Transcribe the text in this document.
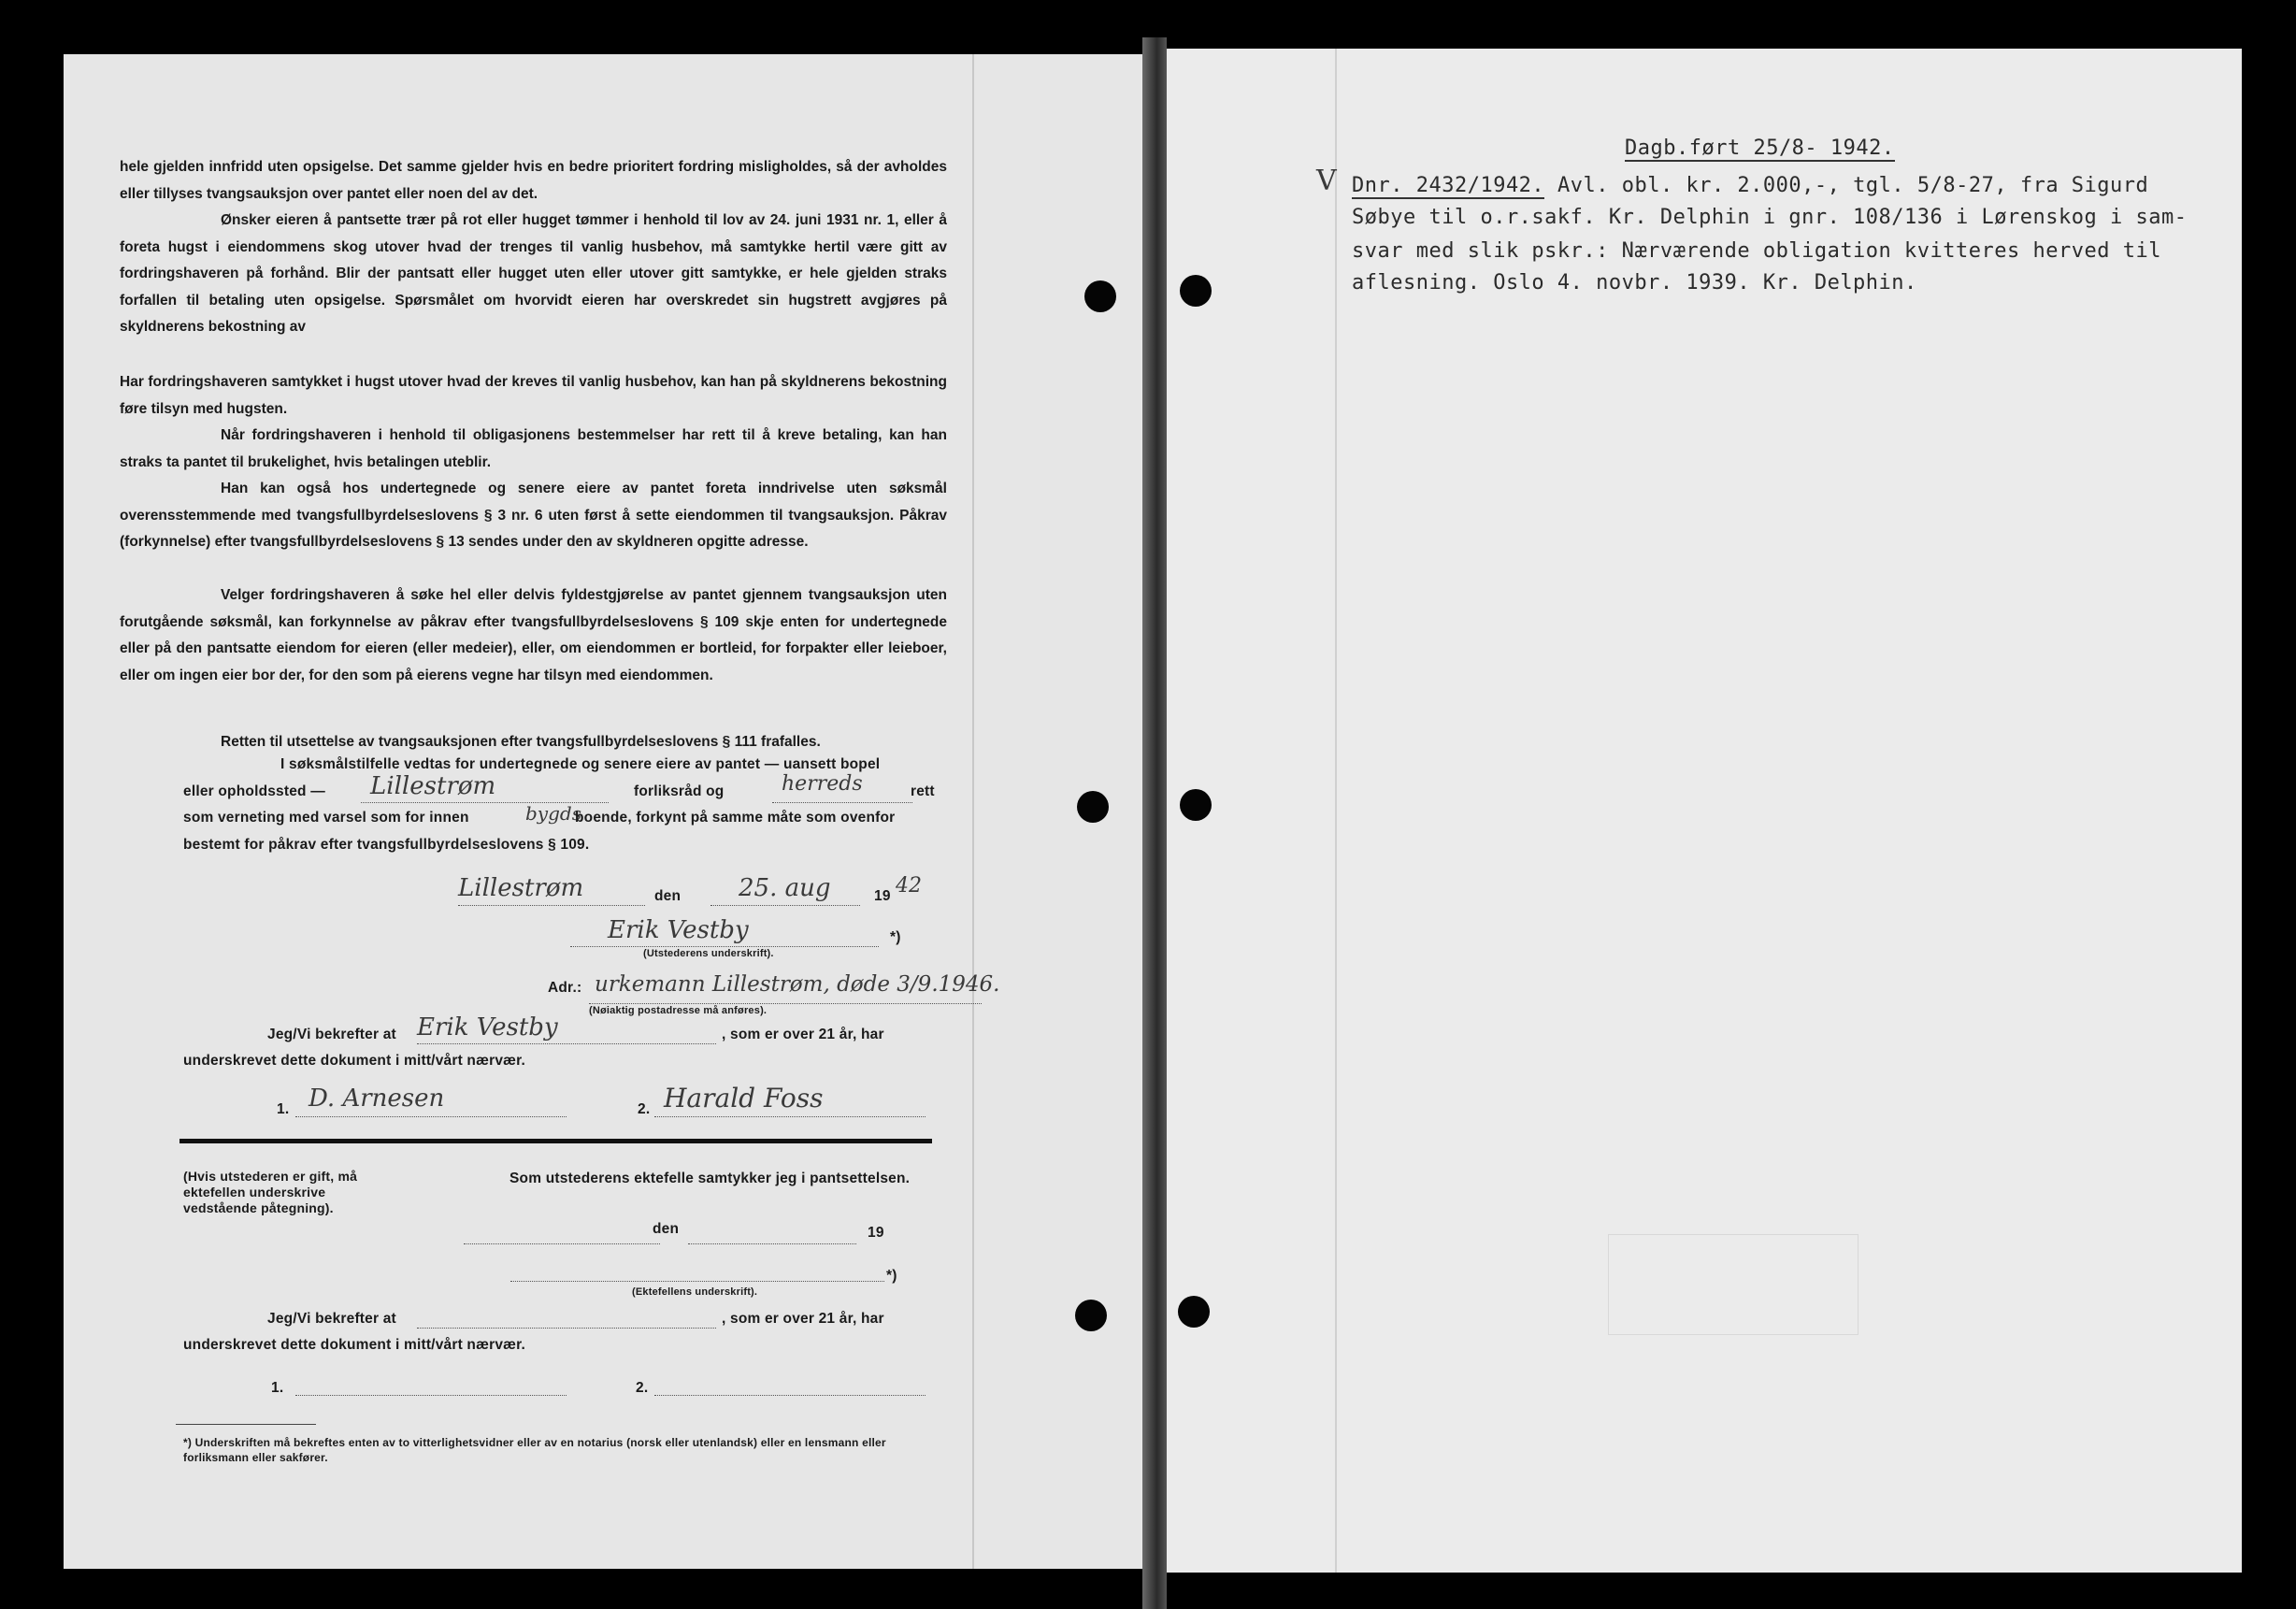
hele gjelden innfridd uten opsigelse. Det samme gjelder hvis en bedre prioritert fordring misligholdes, så der avholdes eller tillyses tvangsauksjon over pantet eller noen del av det.

Ønsker eieren å pantsette trær på rot eller hugget tømmer i henhold til lov av 24. juni 1931 nr. 1, eller å foreta hugst i eiendommens skog utover hvad der trenges til vanlig husbehov, må samtykke hertil være gitt av fordringshaveren på forhånd. Blir der pantsatt eller hugget uten eller utover gitt samtykke, er hele gjelden straks forfallen til betaling uten opsigelse. Spørsmålet om hvorvidt eieren har overskredet sin hugstrett avgjøres på skyldnerens bekostning av

Har fordringshaveren samtykket i hugst utover hvad der kreves til vanlig husbehov, kan han på skyldnerens bekostning føre tilsyn med hugsten.

Når fordringshaveren i henhold til obligasjonens bestemmelser har rett til å kreve betaling, kan han straks ta pantet til brukelighet, hvis betalingen uteblir.

Han kan også hos undertegnede og senere eiere av pantet foreta inndrivelse uten søksmål overensstemmende med tvangsfullbyrdelseslovens § 3 nr. 6 uten først å sette eiendommen til tvangsauksjon. Påkrav (forkynnelse) efter tvangsfullbyrdelseslovens § 13 sendes under den av skyldneren opgitte adresse.

Velger fordringshaveren å søke hel eller delvis fyldestgjørelse av pantet gjennem tvangsauksjon uten forutgående søksmål, kan forkynnelse av påkrav efter tvangsfullbyrdelseslovens § 109 skje enten for undertegnede eller på den pantsatte eiendom for eieren (eller medeier), eller, om eiendommen er bortleid, for forpakter eller leieboer, eller om ingen eier bor der, for den som på eierens vegne har tilsyn med eiendommen.

Retten til utsettelse av tvangsauksjonen efter tvangsfullbyrdelseslovens § 111 frafalles.

I søksmålstilfelle vedtas for undertegnede og senere eiere av pantet — uansett bopel
eller opholdssted — Lillestrøm	forliksråd og	herreds	rett
som verneting med varsel som for innen	bygds
boende, forkynt på samme måte som ovenfor
bestemt for påkrav efter tvangsfullbyrdelseslovens § 109.
Lillestrøm	den 25. aug	19 42
Erik Vestby	*)
(Utstederens underskrift).
Adr.: urkemann Lillestrøm, døde 3/9.1946.
(Nøiaktig postadresse må anføres).
Jeg/Vi bekrefter at Erik Vestby	, som er over 21 år, har
underskrevet dette dokument i mitt/vårt nærvær.
1. D. Arnesen	2. Harald Foss
(Hvis utstederen er gift, må ektefellen underskrive vedstående påtegning).
Som utstederens ektefelle samtykker jeg i pantsettelsen.
den	19
*)
(Ektefellens underskrift).
Jeg/Vi bekrefter at	, som er over 21 år, har
underskrevet dette dokument i mitt/vårt nærvær.
1.	2.
*) Underskriften må bekreftes enten av to vitterlighetsvidner eller av en notarius (norsk eller utenlandsk) eller en lensmann eller forliksmann eller sakfører.
Dagb.ført 25/8- 1942.
V Dnr. 2432/1942. Avl. obl. kr. 2.000,-, tgl. 5/8-27, fra Sigurd
Søbye til o.r.sakf. Kr. Delphin i gnr. 108/136 i Lørenskog i sam-
svar med slik pskr.: Nærværende obligation kvitteres herved til
aflesning. Oslo 4. novbr. 1939. Kr. Delphin.
